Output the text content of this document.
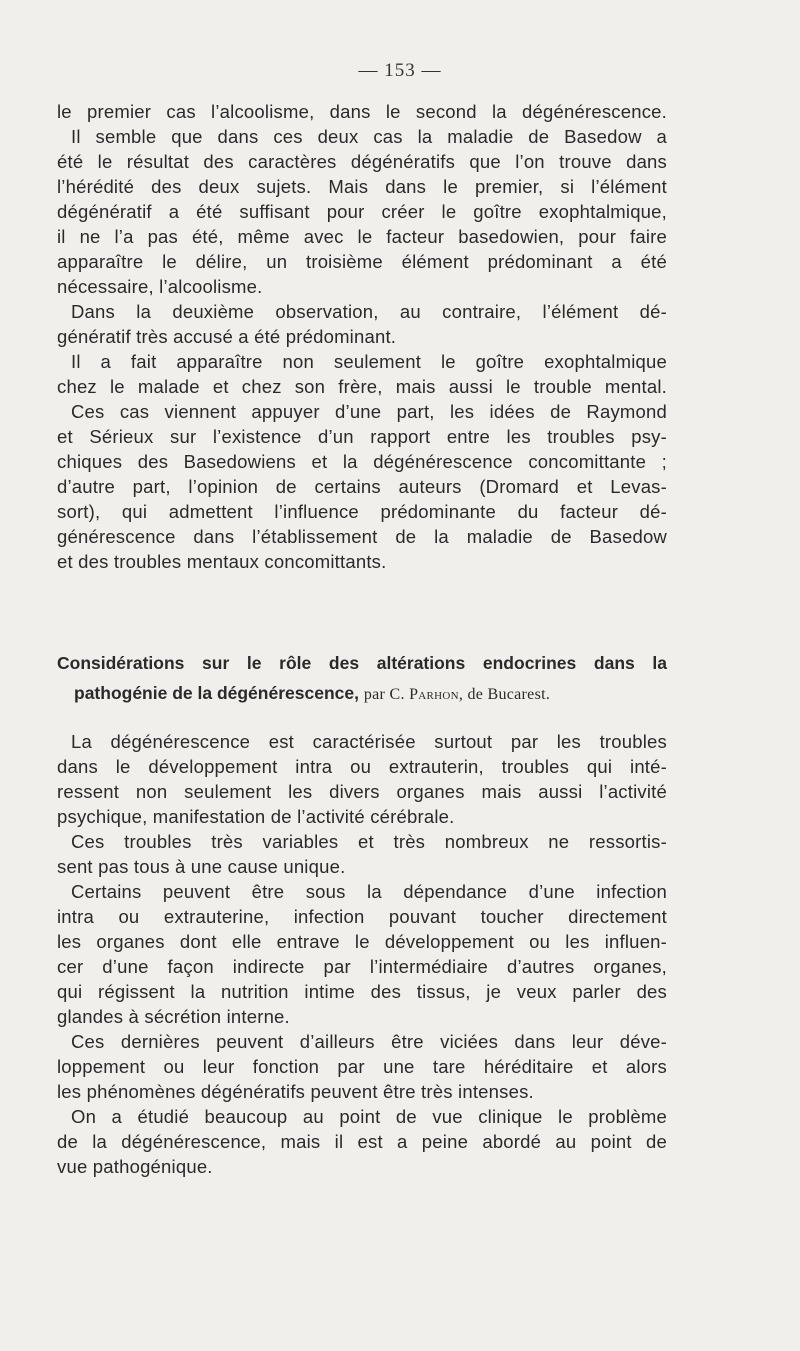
— 153 —
le premier cas l’alcoolisme, dans le second la dégénérescence.
Il semble que dans ces deux cas la maladie de Basedow a
été le résultat des caractères dégénératifs que l’on trouve dans
l’hérédité des deux sujets. Mais dans le premier, si l’élément
dégénératif a été suffisant pour créer le goître exophtalmique,
il ne l’a pas été, même avec le facteur basedowien, pour faire
apparaître le délire, un troisième élément prédominant a été
nécessaire, l’alcoolisme.
Dans la deuxième observation, au contraire, l’élément dé-
génératif très accusé a été prédominant.
Il a fait apparaître non seulement le goître exophtalmique
chez le malade et chez son frère, mais aussi le trouble mental.
Ces cas viennent appuyer d’une part, les idées de Raymond
et Sérieux sur l’existence d’un rapport entre les troubles psy-
chiques des Basedowiens et la dégénérescence concomittante ;
d’autre part, l’opinion de certains auteurs (Dromard et Levas-
sort), qui admettent l’influence prédominante du facteur dé-
générescence dans l’établissement de la maladie de Basedow
et des troubles mentaux concomittants.
Considérations sur le rôle des altérations endocrines dans la
pathogénie de la dégénérescence, par C. Parhon, de Bucarest.
La dégénérescence est caractérisée surtout par les troubles
dans le développement intra ou extrauterin, troubles qui inté-
ressent non seulement les divers organes mais aussi l’activité
psychique, manifestation de l’activité cérébrale.
Ces troubles très variables et très nombreux ne ressortis-
sent pas tous à une cause unique.
Certains peuvent être sous la dépendance d’une infection
intra ou extrauterine, infection pouvant toucher directement
les organes dont elle entrave le développement ou les influen-
cer d’une façon indirecte par l’intermédiaire d’autres organes,
qui régissent la nutrition intime des tissus, je veux parler des
glandes à sécrétion interne.
Ces dernières peuvent d’ailleurs être viciées dans leur déve-
loppement ou leur fonction par une tare héréditaire et alors
les phénomènes dégénératifs peuvent être très intenses.
On a étudié beaucoup au point de vue clinique le problème
de la dégénérescence, mais il est a peine abordé au point de
vue pathogénique.
